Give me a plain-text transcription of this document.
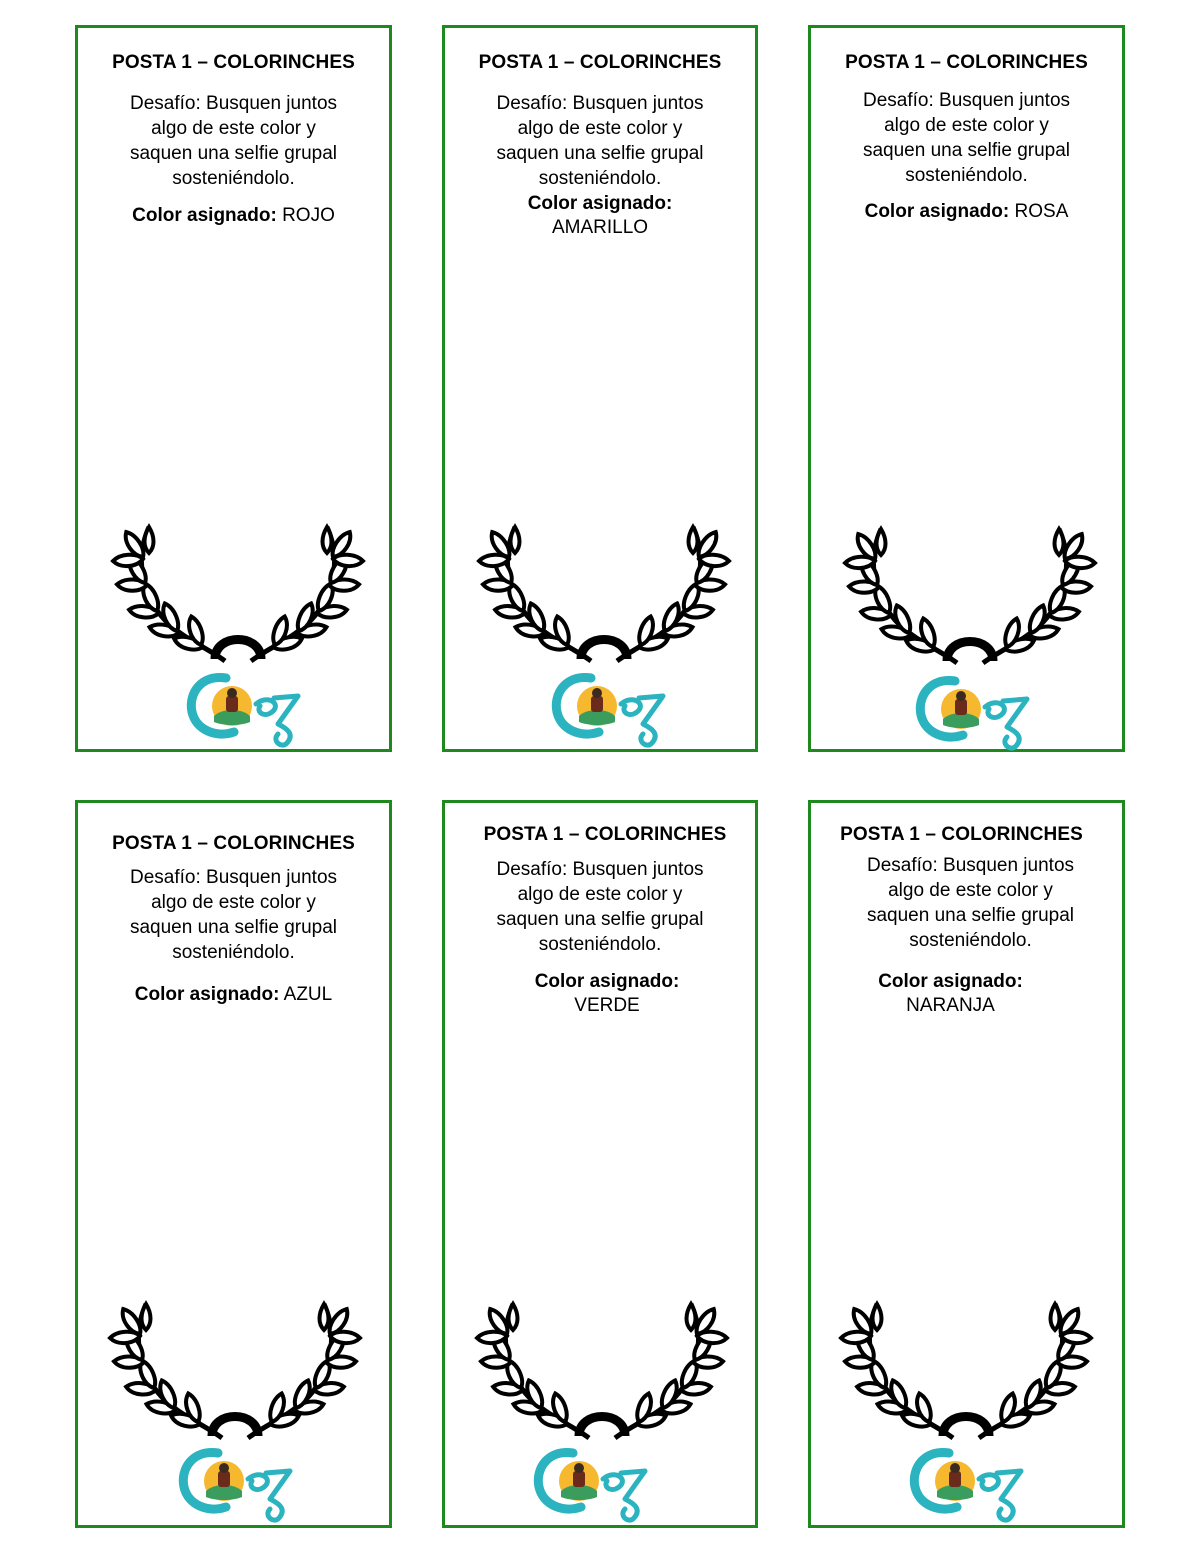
POSTA 1 – COLORINCHES
Desafío: Busquen juntos
algo de este color y
saquen una selfie grupal
sosteniéndolo.
Color asignado: ROJO
POSTA 1 – COLORINCHES
Desafío: Busquen juntos
algo de este color y
saquen una selfie grupal
sosteniéndolo.
Color asignado:
AMARILLO
POSTA 1 – COLORINCHES
Desafío: Busquen juntos
algo de este color y
saquen una selfie grupal
sosteniéndolo.
Color asignado: ROSA
POSTA 1 – COLORINCHES
Desafío: Busquen juntos
algo de este color y
saquen una selfie grupal
sosteniéndolo.
Color asignado: AZUL
POSTA 1 – COLORINCHES
Desafío: Busquen juntos
algo de este color y
saquen una selfie grupal
sosteniéndolo.
Color asignado:
VERDE
POSTA 1 – COLORINCHES
Desafío: Busquen juntos
algo de este color y
saquen una selfie grupal
sosteniéndolo.
Color asignado:
NARANJA
